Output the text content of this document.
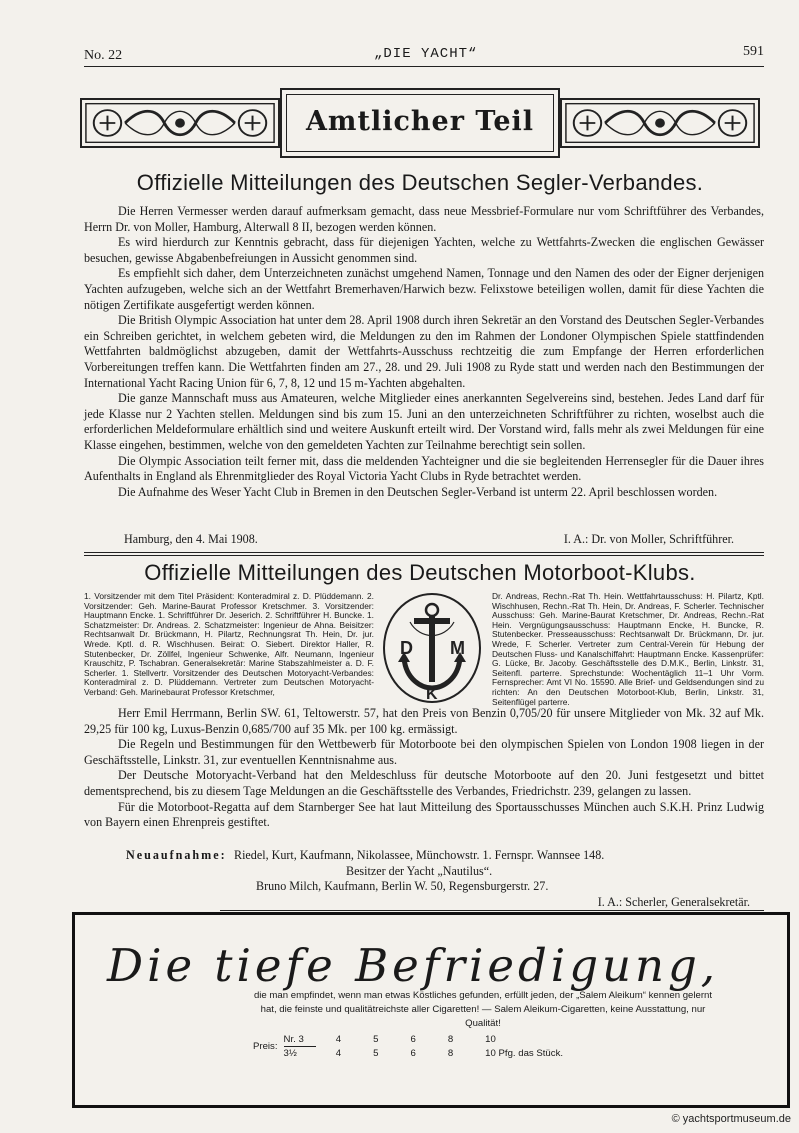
No. 22	„DIE YACHT“	591
Amtlicher Teil
Offizielle Mitteilungen des Deutschen Segler-Verbandes.

Die Herren Vermesser werden darauf aufmerksam gemacht, dass neue Messbrief-Formulare nur vom Schriftführer des Verbandes, Herrn Dr. von Moller, Hamburg, Alterwall 8 II, bezogen werden können.

Es wird hierdurch zur Kenntnis gebracht, dass für diejenigen Yachten, welche zu Wettfahrts-Zwecken die englischen Gewässer besuchen, gewisse Abgabenbefreiungen in Aussicht genommen sind.

Es empfiehlt sich daher, dem Unterzeichneten zunächst umgehend Namen, Tonnage und den Namen des oder der Eigner derjenigen Yachten aufzugeben, welche sich an der Wettfahrt Bremerhaven/Harwich bezw. Felixstowe beteiligen wollen, damit für diese Yachten die nötigen Zertifikate ausgefertigt werden können.

Die British Olympic Association hat unter dem 28. April 1908 durch ihren Sekretär an den Vorstand des Deutschen Segler-Verbandes ein Schreiben gerichtet, in welchem gebeten wird, die Meldungen zu den im Rahmen der Londoner Olympischen Spiele stattfindenden Wettfahrten baldmöglichst abzugeben, damit der Wettfahrts-Ausschuss rechtzeitig die zum Empfange der Herren erforderlichen Vorbereitungen treffen kann. Die Wettfahrten finden am 27., 28. und 29. Juli 1908 zu Ryde statt und werden nach den Bestimmungen der International Yacht Racing Union für 6, 7, 8, 12 und 15 m-Yachten abgehalten.

Die ganze Mannschaft muss aus Amateuren, welche Mitglieder eines anerkannten Segelvereins sind, bestehen. Jedes Land darf für jede Klasse nur 2 Yachten stellen. Meldungen sind bis zum 15. Juni an den unterzeichneten Schriftführer zu richten, woselbst auch die erforderlichen Meldeformulare erhältlich sind und weitere Auskunft erteilt wird. Der Vorstand wird, falls mehr als zwei Meldungen für eine Klasse eingehen, bestimmen, welche von den gemeldeten Yachten zur Teilnahme berechtigt sein sollen.

Die Olympic Association teilt ferner mit, dass die meldenden Yachteigner und die sie begleitenden Herrensegler für die Dauer ihres Aufenthalts in England als Ehrenmitglieder des Royal Victoria Yacht Clubs in Ryde betrachtet werden.

Die Aufnahme des Weser Yacht Club in Bremen in den Deutschen Segler-Verband ist unterm 22. April beschlossen worden.

Hamburg, den 4. Mai 1908.	I. A.: Dr. von Moller, Schriftführer.
Offizielle Mitteilungen des Deutschen Motorboot-Klubs.
1. Vorsitzender mit dem Titel Präsident: Konteradmiral z. D. Plüddemann. 2. Vorsitzender: Geh. Marine-Baurat Professor Kretschmer. 3. Vorsitzender: Hauptmann Encke. 1. Schriftführer Dr. Jeserich. 2. Schriftführer H. Buncke. 1. Schatzmeister: Dr. Andreas. 2. Schatzmeister: Ingenieur de Ahna. Beisitzer: Rechtsanwalt Dr. Brückmann, H. Pilartz, Rechnungsrat Th. Hein, Dr. jur. Wrede. Kptl. d. R. Wischhusen. Beirat: O. Siebert. Direktor Haller, R. Stutenbecker, Dr. Zöllfel, Ingenieur Schwenke, Alfr. Neumann, Ingenieur Krauschitz, P. Tschabran. Generalsekretär: Marine Stabszahlmeister a. D. F. Scherler. 1. Stellvertr. Vorsitzender des Deutschen Motoryacht-Verbandes: Konteradmiral z. D. Plüddemann. Vertreter zum Deutschen Motoryacht-Verband: Geh. Marinebaurat Professor Kretschmer,
D M
K
Dr. Andreas, Rechn.-Rat Th. Hein. Wettfahrtausschuss: H. Pilartz, Kptl. Wischhusen, Rechn.-Rat Th. Hein, Dr. Andreas, F. Scherler. Technischer Ausschuss: Geh. Marine-Baurat Kretschmer, Dr. Andreas, Rechn.-Rat Hein. Vergnügungsausschuss: Hauptmann Encke, H. Buncke, R. Stutenbecker. Presseausschuss: Rechtsanwalt Dr. Brückmann, Dr. jur. Wrede, F. Scherler. Vertreter zum Central-Verein für Hebung der Deutschen Fluss- und Kanalschiffahrt: Hauptmann Encke. Kassenprüfer: G. Lücke, Br. Jacoby. Geschäftsstelle des D.M.K., Berlin, Linkstr. 31, Seitenfl. parterre. Sprechstunde: Wochentäglich 11–1 Uhr Vorm. Fernsprecher: Amt VI No. 15590. Alle Brief- und Geldsendungen sind zu richten: An den Deutschen Motorboot-Klub, Berlin, Linkstr. 31, Seitenflügel parterre.

Herr Emil Herrmann, Berlin SW. 61, Teltowerstr. 57, hat den Preis von Benzin 0,705/20 für unsere Mitglieder von Mk. 32 auf Mk. 29,25 für 100 kg, Luxus-Benzin 0,685/700 auf 35 Mk. per 100 kg. ermässigt.

Die Regeln und Bestimmungen für den Wettbewerb für Motorboote bei den olympischen Spielen von London 1908 liegen in der Geschäftsstelle, Linkstr. 31, zur eventuellen Kenntnisnahme aus.

Der Deutsche Motoryacht-Verband hat den Meldeschluss für deutsche Motorboote auf den 20. Juni festgesetzt und bittet dementsprechend, bis zu diesem Tage Meldungen an die Geschäftsstelle des Verbandes, Friedrichstr. 239, gelangen zu lassen.

Für die Motorboot-Regatta auf dem Starnberger See hat laut Mitteilung des Sportausschusses München auch S.K.H. Prinz Ludwig von Bayern einen Ehrenpreis gestiftet.

Neuaufnahme: Riedel, Kurt, Kaufmann, Nikolassee, Münchowstr. 1. Fernspr. Wannsee 148.
Besitzer der Yacht „Nautilus“.
Bruno Milch, Kaufmann, Berlin W. 50, Regensburgerstr. 27.
I. A.: Scherler, Generalsekretär.
Die tiefe Befriedigung,
die man empfindet, wenn man etwas Köstliches gefunden, erfüllt jeden, der „Salem Aleikum“ kennen gelernt hat, die feinste und qualitätreichste aller Cigaretten! — Salem Aleikum-Cigaretten, keine Ausstattung, nur Qualität!
Preis:	Nr. 3	4	5	6	8	10
	3½	4	5	6	8	10 Pfg. das Stück.
© yachtsportmuseum.de
